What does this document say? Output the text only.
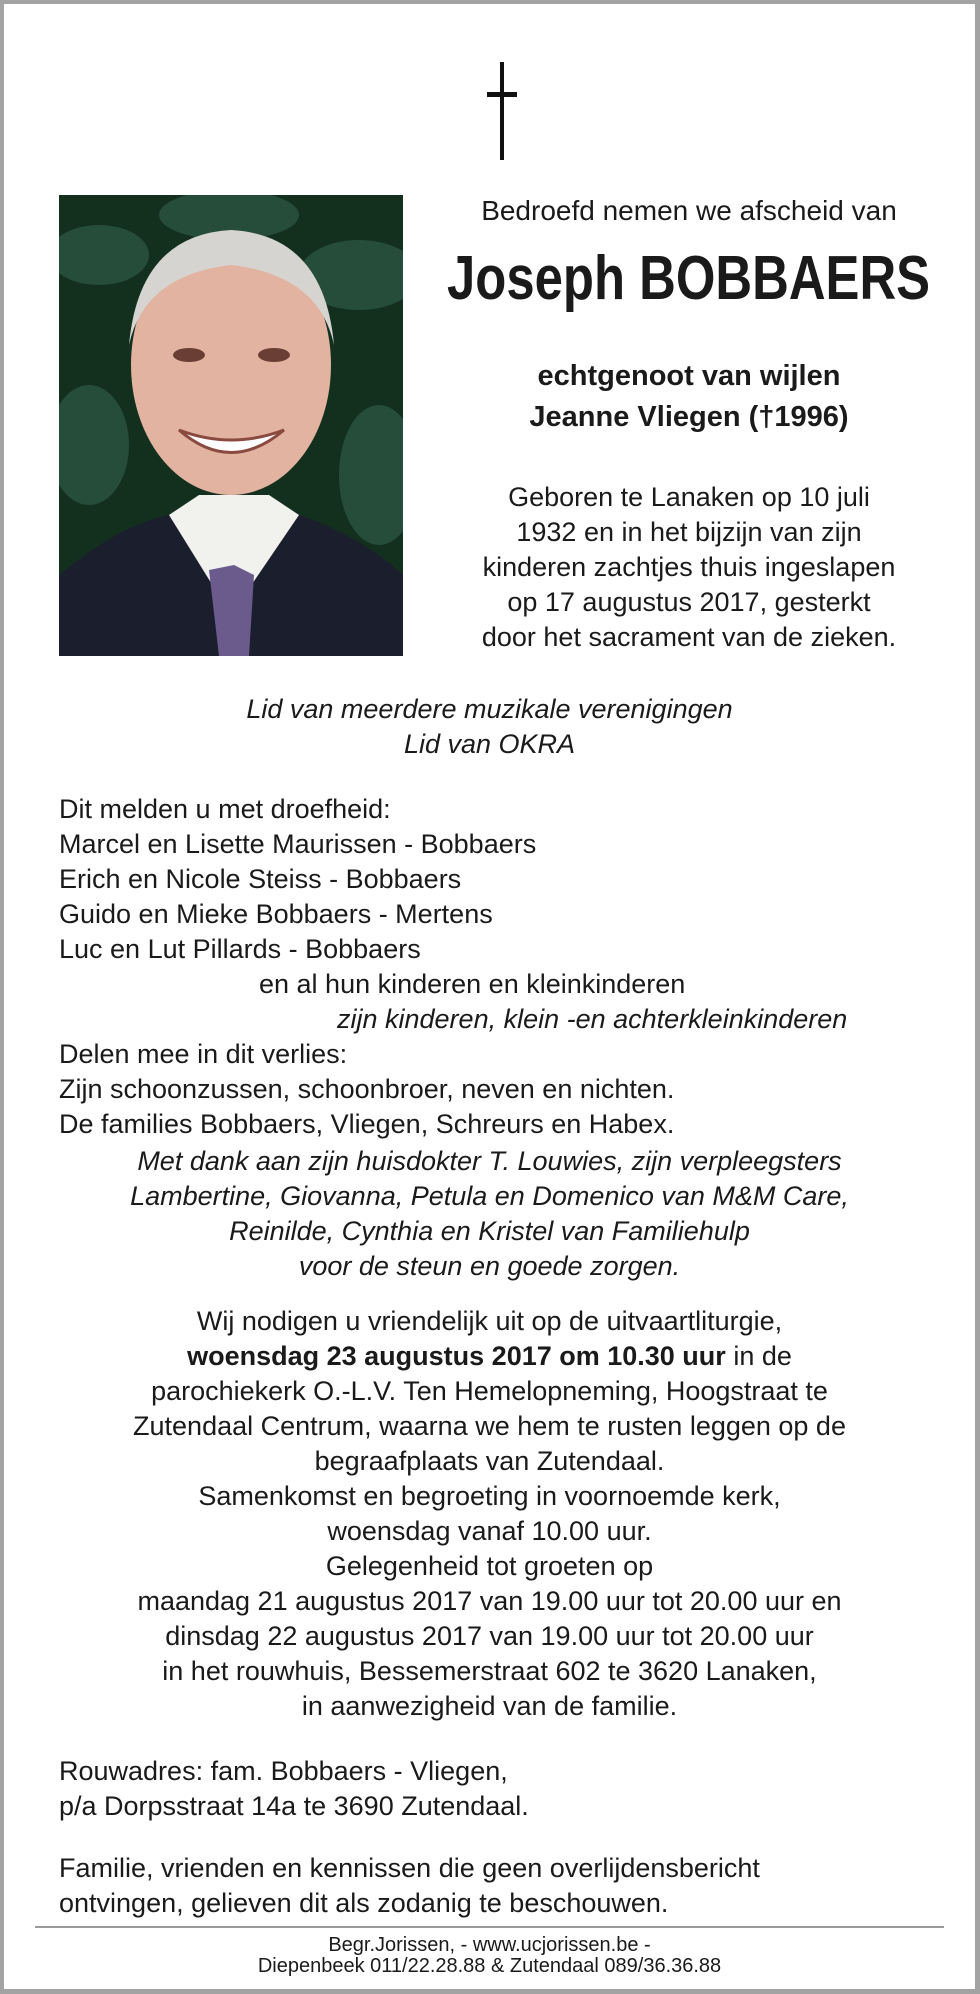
Bedroefd nemen we afscheid van
Joseph BOBBAERS
echtgenoot van wijlen
Jeanne Vliegen (†1996)
Geboren te Lanaken op 10 juli
1932 en in het bijzijn van zijn
kinderen zachtjes thuis ingeslapen
op 17 augustus 2017, gesterkt
door het sacrament van de zieken.
Lid van meerdere muzikale verenigingen
Lid van OKRA
Dit melden u met droefheid:
Marcel en Lisette Maurissen - Bobbaers
Erich en Nicole Steiss - Bobbaers
Guido en Mieke Bobbaers - Mertens
Luc en Lut Pillards - Bobbaers
en al hun kinderen en kleinkinderen
zijn kinderen, klein -en achterkleinkinderen
Delen mee in dit verlies:
Zijn schoonzussen, schoonbroer, neven en nichten.
De families Bobbaers, Vliegen, Schreurs en Habex.
Met dank aan zijn huisdokter T. Louwies, zijn verpleegsters
Lambertine, Giovanna, Petula en Domenico van M&M Care,
Reinilde, Cynthia en Kristel van Familiehulp
voor de steun en goede zorgen.
Wij nodigen u vriendelijk uit op de uitvaartliturgie,
woensdag 23 augustus 2017 om 10.30 uur in de
parochiekerk O.-L.V. Ten Hemelopneming, Hoogstraat te
Zutendaal Centrum, waarna we hem te rusten leggen op de
begraafplaats van Zutendaal.
Samenkomst en begroeting in voornoemde kerk,
woensdag vanaf 10.00 uur.
Gelegenheid tot groeten op
maandag 21 augustus 2017 van 19.00 uur tot 20.00 uur en
dinsdag 22 augustus 2017 van 19.00 uur tot 20.00 uur
in het rouwhuis, Bessemerstraat 602 te 3620 Lanaken,
in aanwezigheid van de familie.
Rouwadres: fam. Bobbaers - Vliegen,
p/a Dorpsstraat 14a te 3690 Zutendaal.
Familie, vrienden en kennissen die geen overlijdensbericht
ontvingen, gelieven dit als zodanig te beschouwen.
Begr.Jorissen, - www.ucjorissen.be -
Diepenbeek 011/22.28.88 & Zutendaal 089/36.36.88
